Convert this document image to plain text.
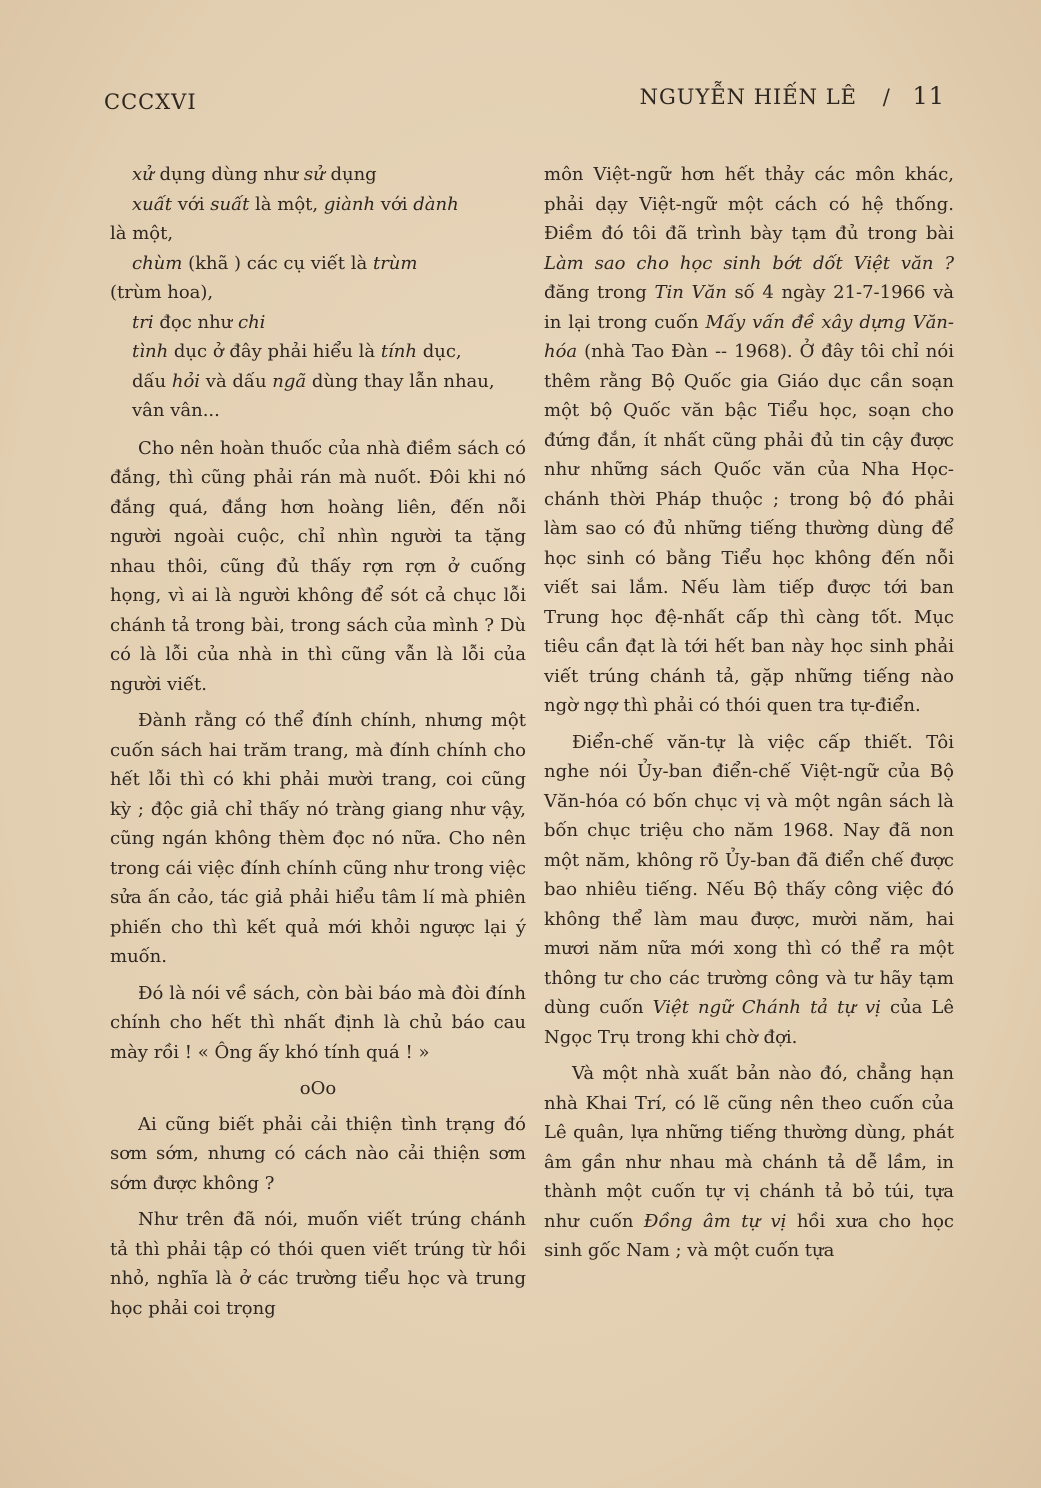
CCCXVI	NGUYỄN HIẾN LÊ / 11
xử dụng dùng như sử dụng
xuất với suất là một, giành với dành
là một,
chùm (khã ) các cụ viết là trùm
(trùm hoa),
tri đọc như chi
tình dục ở đây phải hiểu là tính dục,
dấu hỏi và dấu ngã dùng thay lẫn nhau,
vân vân...

Cho nên hoàn thuốc của nhà điềm sách có đắng, thì cũng phải rán mà nuốt. Đôi khi nó đắng quá, đắng hơn hoàng liên, đến nỗi người ngoài cuộc, chỉ nhìn người ta tặng nhau thôi, cũng đủ thấy rợn rợn ở cuống họng, vì ai là người không để sót cả chục lỗi chánh tả trong bài, trong sách của mình ? Dù có là lỗi của nhà in thì cũng vẫn là lỗi của người viết.

Đành rằng có thể đính chính, nhưng một cuốn sách hai trăm trang, mà đính chính cho hết lỗi thì có khi phải mười trang, coi cũng kỳ ; độc giả chỉ thấy nó tràng giang như vậy, cũng ngán không thèm đọc nó nữa. Cho nên trong cái việc đính chính cũng như trong việc sửa ấn cảo, tác giả phải hiểu tâm lí mà phiên phiến cho thì kết quả mới khỏi ngược lại ý muốn.

Đó là nói về sách, còn bài báo mà đòi đính chính cho hết thì nhất định là chủ báo cau mày rồi ! « Ông ấy khó tính quá ! »

oOo

Ai cũng biết phải cải thiện tình trạng đó sơm sớm, nhưng có cách nào cải thiện sơm sớm được không ?

Như trên đã nói, muốn viết trúng chánh tả thì phải tập có thói quen viết trúng từ hồi nhỏ, nghĩa là ở các trường tiểu học và trung học phải coi trọng

môn Việt-ngữ hơn hết thảy các môn khác, phải dạy Việt-ngữ một cách có hệ thống. Điềm đó tôi đã trình bày tạm đủ trong bài Làm sao cho học sinh bớt dốt Việt văn ? đăng trong Tin Văn số 4 ngày 21-7-1966 và in lại trong cuốn Mấy vấn đề xây dựng Văn-hóa (nhà Tao Đàn -- 1968). Ở đây tôi chỉ nói thêm rằng Bộ Quốc gia Giáo dục cần soạn một bộ Quốc văn bậc Tiểu học, soạn cho đứng đắn, ít nhất cũng phải đủ tin cậy được như những sách Quốc văn của Nha Học-chánh thời Pháp thuộc ; trong bộ đó phải làm sao có đủ những tiếng thường dùng để học sinh có bằng Tiểu học không đến nỗi viết sai lắm. Nếu làm tiếp được tới ban Trung học đệ-nhất cấp thì càng tốt. Mục tiêu cần đạt là tới hết ban này học sinh phải viết trúng chánh tả, gặp những tiếng nào ngờ ngợ thì phải có thói quen tra tự-điển.

Điển-chế văn-tự là việc cấp thiết. Tôi nghe nói Ủy-ban điển-chế Việt-ngữ của Bộ Văn-hóa có bốn chục vị và một ngân sách là bốn chục triệu cho năm 1968. Nay đã non một năm, không rõ Ủy-ban đã điển chế được bao nhiêu tiếng. Nếu Bộ thấy công việc đó không thể làm mau được, mười năm, hai mươi năm nữa mới xong thì có thể ra một thông tư cho các trường công và tư hãy tạm dùng cuốn Việt ngữ Chánh tả tự vị của Lê Ngọc Trụ trong khi chờ đợi.

Và một nhà xuất bản nào đó, chẳng hạn nhà Khai Trí, có lẽ cũng nên theo cuốn của Lê quân, lựa những tiếng thường dùng, phát âm gần như nhau mà chánh tả dễ lầm, in thành một cuốn tự vị chánh tả bỏ túi, tựa như cuốn Đồng âm tự vị hồi xưa cho học sinh gốc Nam ; và một cuốn tựa
